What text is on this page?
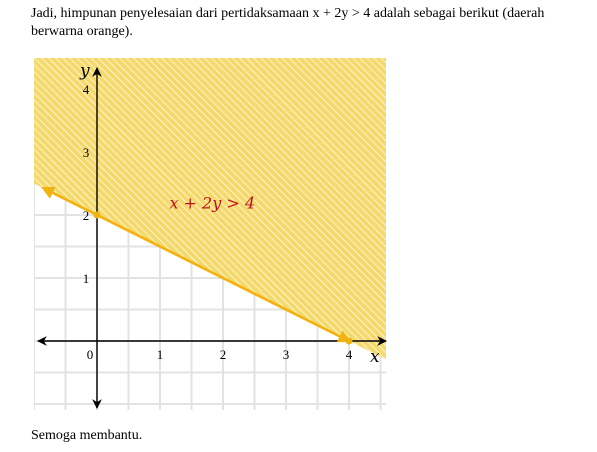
Jadi, himpunan penyelesaian dari pertidaksamaan x + 2y > 4 adalah sebagai berikut (daerah berwarna orange).

0	1	2	3	4
1
2
3
4
x
y
x + 2y > 4

Semoga membantu.
